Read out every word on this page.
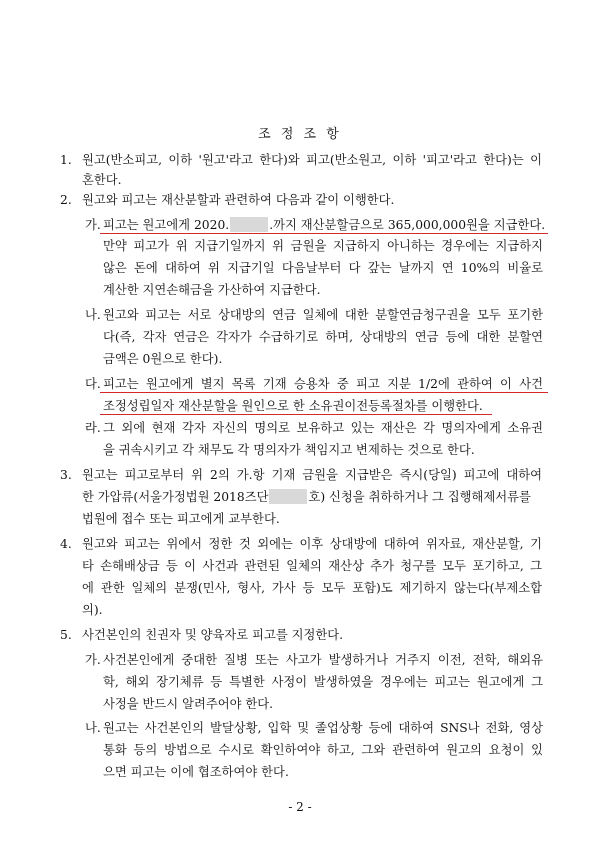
조 정 조 항
1. 원고(반소피고, 이하 '원고'라고 한다)와 피고(반소원고, 이하 '피고'라고 한다)는 이
혼한다.
2. 원고와 피고는 재산분할과 관련하여 다음과 같이 이행한다.
가. 피고는 원고에게 2020.	.까지 재산분할금으로 365,000,000원을 지급한다.
만약 피고가 위 지급기일까지 위 금원을 지급하지 아니하는 경우에는 지급하지
않은 돈에 대하여 위 지급기일 다음날부터 다 갚는 날까지 연 10%의 비율로
계산한 지연손해금을 가산하여 지급한다.
나. 원고와 피고는 서로 상대방의 연금 일체에 대한 분할연금청구권을 모두 포기한
다(즉, 각자 연금은 각자가 수급하기로 하며, 상대방의 연금 등에 대한 분할연
금액은 0원으로 한다).
다. 피고는 원고에게 별지 목록 기재 승용차 중 피고 지분 1/2에 관하여 이 사건
조정성립일자 재산분할을 원인으로 한 소유권이전등록절차를 이행한다.
라. 그 외에 현재 각자 자신의 명의로 보유하고 있는 재산은 각 명의자에게 소유권
을 귀속시키고 각 채무도 각 명의자가 책임지고 변제하는 것으로 한다.
3. 원고는 피고로부터 위 2의 가.항 기재 금원을 지급받은 즉시(당일) 피고에 대하여
한 가압류(서울가정법원 2018즈단	호) 신청을 취하하거나 그 집행해제서류를
법원에 접수 또는 피고에게 교부한다.
4. 원고와 피고는 위에서 정한 것 외에는 이후 상대방에 대하여 위자료, 재산분할, 기
타 손해배상금 등 이 사건과 관련된 일체의 재산상 추가 청구를 모두 포기하고, 그
에 관한 일체의 분쟁(민사, 형사, 가사 등 모두 포함)도 제기하지 않는다(부제소합
의).
5. 사건본인의 친권자 및 양육자로 피고를 지정한다.
가. 사건본인에게 중대한 질병 또는 사고가 발생하거나 거주지 이전, 전학, 해외유
학, 해외 장기체류 등 특별한 사정이 발생하였을 경우에는 피고는 원고에게 그
사정을 반드시 알려주어야 한다.
나. 원고는 사건본인의 발달상황, 입학 및 졸업상황 등에 대하여 SNS나 전화, 영상
통화 등의 방법으로 수시로 확인하여야 하고, 그와 관련하여 원고의 요청이 있
으면 피고는 이에 협조하여야 한다.
- 2 -
